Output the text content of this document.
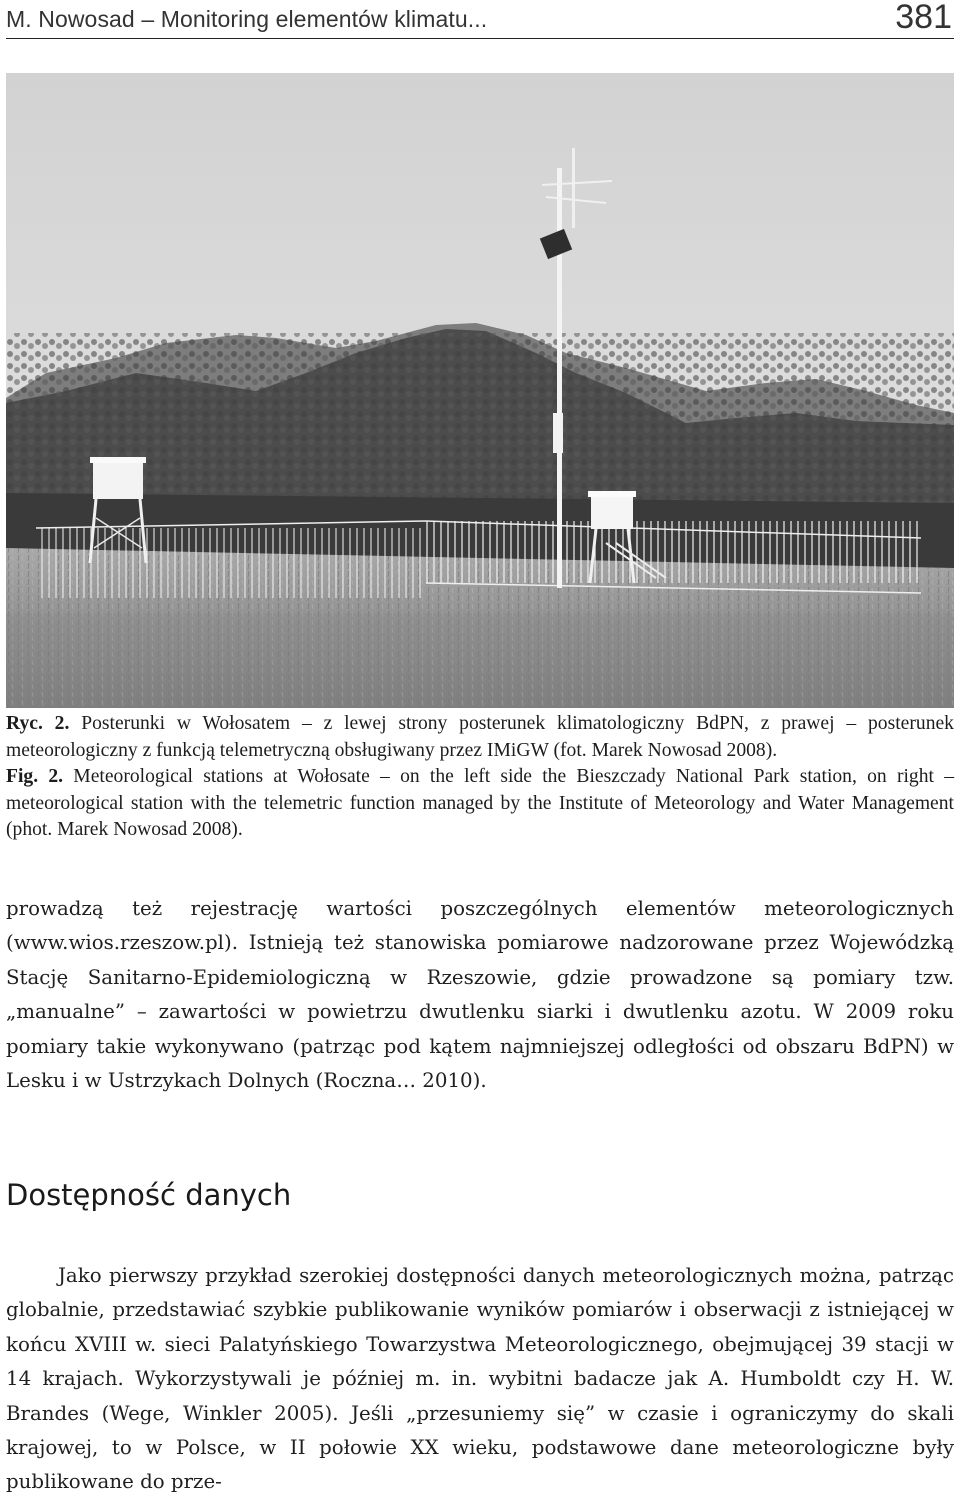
M. Nowosad – Monitoring elementów klimatu...	381

Ryc. 2. Posterunki w Wołosatem – z lewej strony posterunek klimatologiczny BdPN, z prawej – posterunek meteorologiczny z funkcją telemetryczną obsługiwany przez IMiGW (fot. Marek Nowosad 2008).

Fig. 2. Meteorological stations at Wołosate – on the left side the Bieszczady National Park station, on right – meteorological station with the telemetric function managed by the Institute of Meteorology and Water Management (phot. Marek Nowosad 2008).

prowadzą też rejestrację wartości poszczególnych elementów meteorologicznych (www.wios.rzeszow.pl). Istnieją też stanowiska pomiarowe nadzorowane przez Wojewódzką Stację Sanitarno-Epidemiologiczną w Rzeszowie, gdzie prowadzone są pomiary tzw. „manualne” – zawartości w powietrzu dwutlenku siarki i dwutlenku azotu. W 2009 roku pomiary takie wykonywano (patrząc pod kątem najmniejszej odległości od obszaru BdPN) w Lesku i w Ustrzykach Dolnych (Roczna… 2010).

Dostępność danych

Jako pierwszy przykład szerokiej dostępności danych meteorologicznych można, patrząc globalnie, przedstawiać szybkie publikowanie wyników pomiarów i obserwacji z istniejącej w końcu XVIII w. sieci Palatyńskiego Towarzystwa Meteorologicznego, obejmującej 39 stacji w 14 krajach. Wykorzystywali je później m. in. wybitni badacze jak A. Humboldt czy H. W. Brandes (Wege, Winkler 2005). Jeśli „przesuniemy się” w czasie i ograniczymy do skali krajowej, to w Polsce, w II połowie XX wieku, podstawowe dane meteorologiczne były publikowane do prze-
